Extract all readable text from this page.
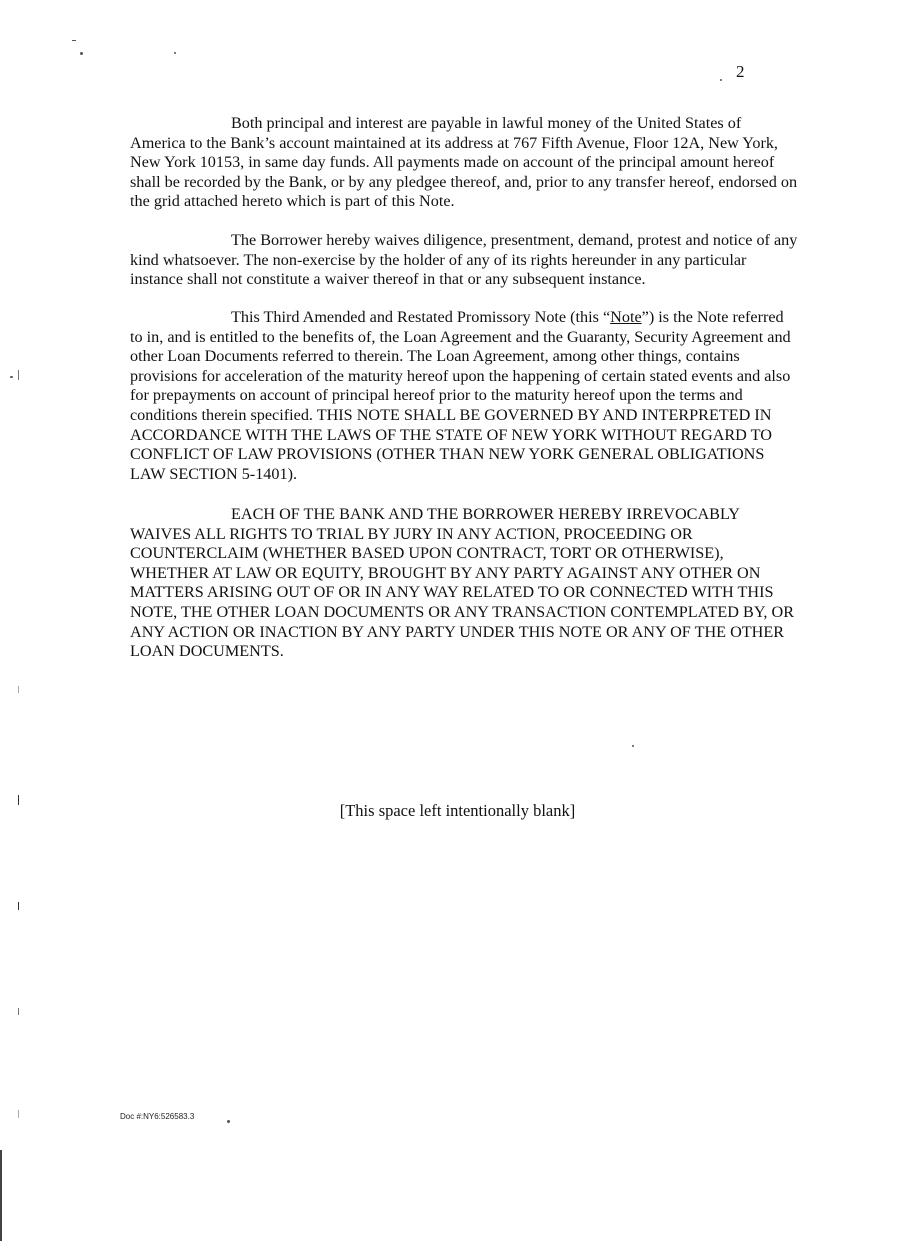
2

Both principal and interest are payable in lawful money of the United States of America to the Bank’s account maintained at its address at 767 Fifth Avenue, Floor 12A, New York, New York 10153, in same day funds. All payments made on account of the principal amount hereof shall be recorded by the Bank, or by any pledgee thereof, and, prior to any transfer hereof, endorsed on the grid attached hereto which is part of this Note.

The Borrower hereby waives diligence, presentment, demand, protest and notice of any kind whatsoever. The non-exercise by the holder of any of its rights hereunder in any particular instance shall not constitute a waiver thereof in that or any subsequent instance.

This Third Amended and Restated Promissory Note (this “Note”) is the Note referred to in, and is entitled to the benefits of, the Loan Agreement and the Guaranty, Security Agreement and other Loan Documents referred to therein. The Loan Agreement, among other things, contains provisions for acceleration of the maturity hereof upon the happening of certain stated events and also for prepayments on account of principal hereof prior to the maturity hereof upon the terms and conditions therein specified. THIS NOTE SHALL BE GOVERNED BY AND INTERPRETED IN ACCORDANCE WITH THE LAWS OF THE STATE OF NEW YORK WITHOUT REGARD TO CONFLICT OF LAW PROVISIONS (OTHER THAN NEW YORK GENERAL OBLIGATIONS LAW SECTION 5-1401).

EACH OF THE BANK AND THE BORROWER HEREBY IRREVOCABLY WAIVES ALL RIGHTS TO TRIAL BY JURY IN ANY ACTION, PROCEEDING OR COUNTERCLAIM (WHETHER BASED UPON CONTRACT, TORT OR OTHERWISE), WHETHER AT LAW OR EQUITY, BROUGHT BY ANY PARTY AGAINST ANY OTHER ON MATTERS ARISING OUT OF OR IN ANY WAY RELATED TO OR CONNECTED WITH THIS NOTE, THE OTHER LOAN DOCUMENTS OR ANY TRANSACTION CONTEMPLATED BY, OR ANY ACTION OR INACTION BY ANY PARTY UNDER THIS NOTE OR ANY OF THE OTHER LOAN DOCUMENTS.

[This space left intentionally blank]
Doc #:NY6:526583.3
